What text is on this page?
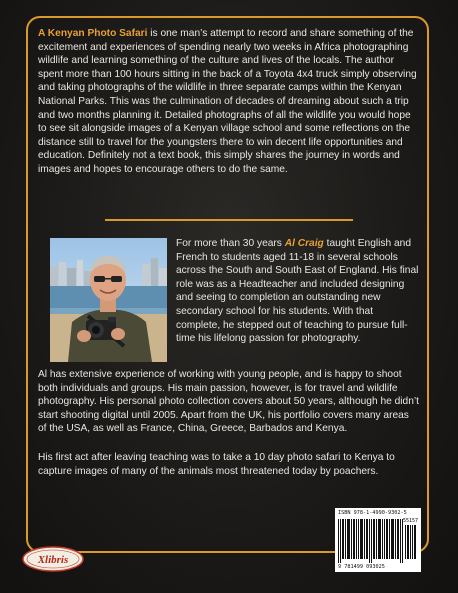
A Kenyan Photo Safari is one man’s attempt to record and share something of the excitement and experiences of spending nearly two weeks in Africa photographing wildlife and learning something of the culture and lives of the locals. The author spent more than 100 hours sitting in the back of a Toyota 4x4 truck simply observing and taking photographs of the wildlife in three separate camps within the Kenyan National Parks. This was the culmination of decades of dreaming about such a trip and two months planning it. Detailed photographs of all the wildlife you would hope to see sit alongside images of a Kenyan village school and some reflections on the distance still to travel for the youngsters there to win decent life opportunities and education. Definitely not a text book, this simply shares the journey in words and images and hopes to encourage others to do the same.
For more than 30 years Al Craig taught English and French to students aged 11-18 in several schools across the South and South East of England. His final role was as a Headteacher and included designing and seeing to completion an outstanding new secondary school for his students. With that complete, he stepped out of teaching to pursue full-time his lifelong passion for photography.
Al has extensive experience of working with young people, and is happy to shoot both individuals and groups. His main passion, however, is for travel and wildlife photography. His personal photo collection covers about 50 years, although he didn’t start shooting digital until 2005. Apart from the UK, his portfolio covers many areas of the USA, as well as France, China, Greece, Barbados and Kenya.
His first act after leaving teaching was to take a 10 day photo safari to Kenya to capture images of many of the animals most threatened today by poachers.
ISBN 978-1-4990-9302-5
9 781499 093025
55157
Xlibris
